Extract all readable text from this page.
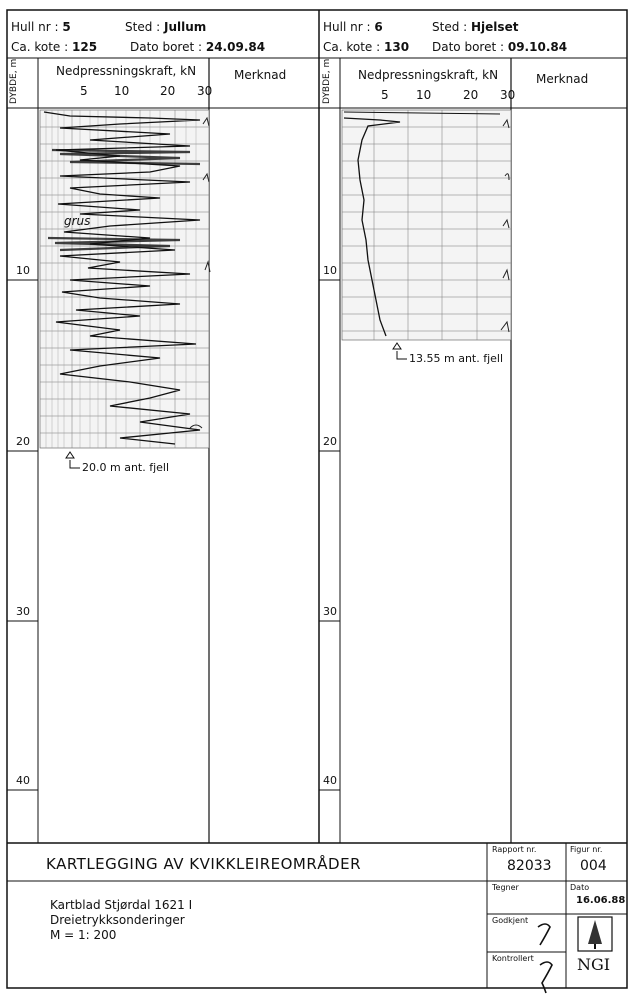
Hull nr : 5	Sted : Jullum
Ca. kote : 125	Dato boret : 24.09.84
Hull nr : 6	Sted : Hjelset
Ca. kote : 130 Dato boret : 09.10.84
DYBDE, m	Nedpressningskraft, kN	Merknad
5 10	20 30	DYBDE, m Nedpressningskraft, kN	Merknad
5 10	20 30
10
20
30
40
10
20
30
40
grus
20.0 m ant. fjell
13.55 m ant. fjell
KARTLEGGING AV KVIKKLEIREOMRÅDER
Kartblad Stjørdal 1621 I
Dreietrykksonderinger
M = 1: 200
Rapport nr.
82033
Figur nr.
004
Tegner	Dato
16.06.88
Godkjent
Kontrollert	NGI
